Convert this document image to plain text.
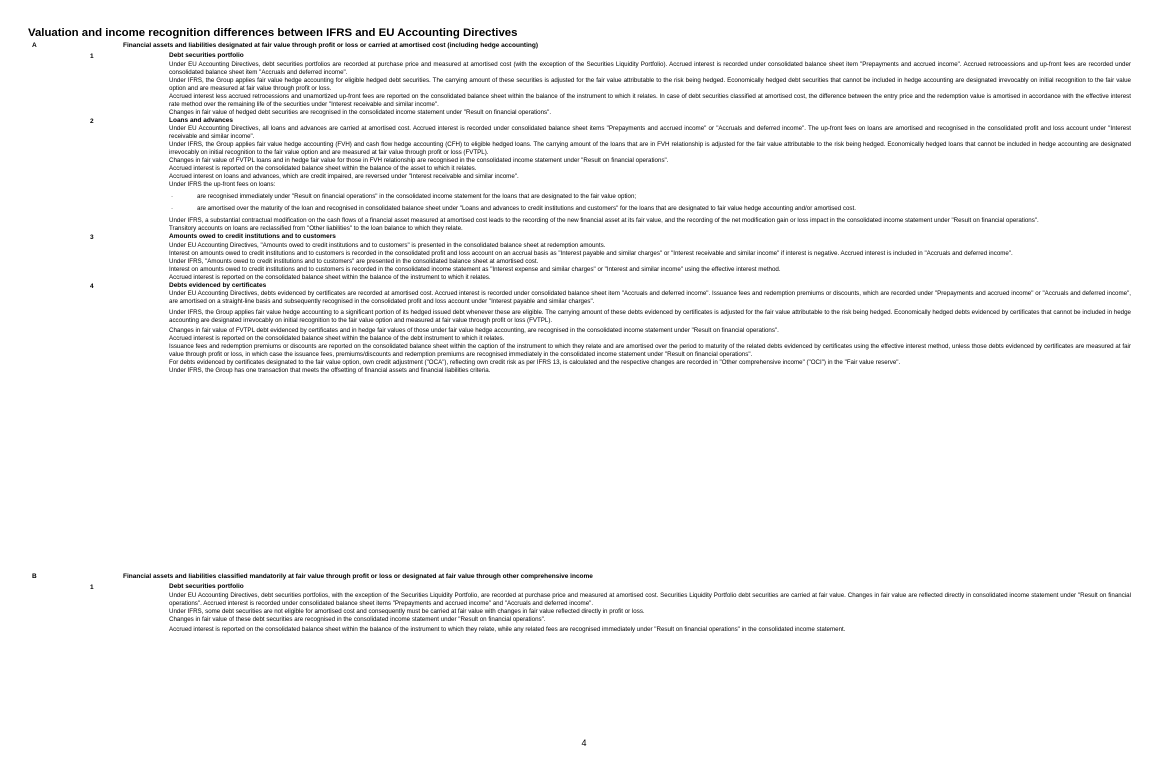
Valuation and income recognition differences between IFRS and EU Accounting Directives
A	Financial assets and liabilities designated at fair value through profit or loss or carried at amortised cost (including hedge accounting)
1	Debt securities portfolio
Under EU Accounting Directives, debt securities portfolios are recorded at purchase price and measured at amortised cost (with the exception of the Securities Liquidity Portfolio). Accrued interest is recorded under consolidated balance sheet item "Prepayments and accrued income". Accrued retrocessions and up-front fees are recorded under consolidated balance sheet item "Accruals and deferred income".
Under IFRS, the Group applies fair value hedge accounting for eligible hedged debt securities. The carrying amount of these securities is adjusted for the fair value attributable to the risk being hedged. Economically hedged debt securities that cannot be included in hedge accounting are designated irrevocably on initial recognition to the fair value option and are measured at fair value through profit or loss.
Accrued interest less accrued retrocessions and unamortized up-front fees are reported on the consolidated balance sheet within the balance of the instrument to which it relates. In case of debt securities classified at amortised cost, the difference between the entry price and the redemption value is amortised in accordance with the effective interest rate method over the remaining life of the securities under "Interest receivable and similar income".
Changes in fair value of hedged debt securities are recognised in the consolidated income statement under "Result on financial operations".
2	Loans and advances
Under EU Accounting Directives, all loans and advances are carried at amortised cost. Accrued interest is recorded under consolidated balance sheet items "Prepayments and accrued income" or "Accruals and deferred income". The up-front fees on loans are amortised and recognised in the consolidated profit and loss account under "Interest receivable and similar income".
Under IFRS, the Group applies fair value hedge accounting (FVH) and cash flow hedge accounting (CFH) to eligible hedged loans. The carrying amount of the loans that are in FVH relationship is adjusted for the fair value attributable to the risk being hedged. Economically hedged loans that cannot be included in hedge accounting are designated irrevocably on initial recognition to the fair value option and are measured at fair value through profit or loss (FVTPL).
Changes in fair value of FVTPL loans and in hedge fair value for those in FVH relationship are recognised in the consolidated income statement under "Result on financial operations".
Accrued interest is reported on the consolidated balance sheet within the balance of the asset to which it relates.
Accrued interest on loans and advances, which are credit impaired, are reversed under "Interest receivable and similar income".
Under IFRS the up-front fees on loans:
·	are recognised immediately under "Result on financial operations" in the consolidated income statement for the loans that are designated to the fair value option;
·	are amortised over the maturity of the loan and recognised in consolidated balance sheet under "Loans and advances to credit institutions and customers" for the loans that are designated to fair value hedge accounting and/or amortised cost.
Under IFRS, a substantial contractual modification on the cash flows of a financial asset measured at amortised cost leads to the recording of the new financial asset at its fair value, and the recording of the net modification gain or loss impact in the consolidated income statement under "Result on financial operations".
Transitory accounts on loans are reclassified from "Other liabilities" to the loan balance to which they relate.
3	Amounts owed to credit institutions and to customers
Under EU Accounting Directives, "Amounts owed to credit institutions and to customers" is presented in the consolidated balance sheet at redemption amounts.
Interest on amounts owed to credit institutions and to customers is recorded in the consolidated profit and loss account on an accrual basis as "Interest payable and similar charges" or "Interest receivable and similar income" if interest is negative. Accrued interest is included in "Accruals and deferred income".
Under IFRS, "Amounts owed to credit institutions and to customers" are presented in the consolidated balance sheet at amortised cost.
Interest on amounts owed to credit institutions and to customers is recorded in the consolidated income statement as "Interest expense and similar charges" or "Interest and similar income" using the effective interest method.
Accrued interest is reported on the consolidated balance sheet within the balance of the instrument to which it relates.
4	Debts evidenced by certificates
Under EU Accounting Directives, debts evidenced by certificates are recorded at amortised cost. Accrued interest is recorded under consolidated balance sheet item "Accruals and deferred income". Issuance fees and redemption premiums or discounts, which are recorded under "Prepayments and accrued income" or "Accruals and deferred income", are amortised on a straight-line basis and subsequently recognised in the consolidated profit and loss account under "Interest payable and similar charges".
Under IFRS, the Group applies fair value hedge accounting to a significant portion of its hedged issued debt whenever these are eligible. The carrying amount of these debts evidenced by certificates is adjusted for the fair value attributable to the risk being hedged. Economically hedged debts evidenced by certificates that cannot be included in hedge accounting are designated irrevocably on initial recognition to the fair value option and measured at fair value through profit or loss (FVTPL).
Changes in fair value of FVTPL debt evidenced by certificates and in hedge fair values of those under fair value hedge accounting, are recognised in the consolidated income statement under "Result on financial operations".
Accrued interest is reported on the consolidated balance sheet within the balance of the debt instrument to which it relates.
Issuance fees and redemption premiums or discounts are reported on the consolidated balance sheet within the caption of the instrument to which they relate and are amortised over the period to maturity of the related debts evidenced by certificates using the effective interest method, unless those debts evidenced by certificates are measured at fair value through profit or loss, in which case the issuance fees, premiums/discounts and redemption premiums are recognised immediately in the consolidated income statement under "Result on financial operations".
For debts evidenced by certificates designated to the fair value option, own credit adjustment ("OCA"), reflecting own credit risk as per IFRS 13, is calculated and the respective changes are recorded in "Other comprehensive income" ("OCI") in the "Fair value reserve".
Under IFRS, the Group has one transaction that meets the offsetting of financial assets and financial liabilities criteria.
B	Financial assets and liabilities classified mandatorily at fair value through profit or loss or designated at fair value through other comprehensive income
1	Debt securities portfolio
Under EU Accounting Directives, debt securities portfolios, with the exception of the Securities Liquidity Portfolio, are recorded at purchase price and measured at amortised cost. Securities Liquidity Portfolio debt securities are carried at fair value. Changes in fair value are reflected directly in consolidated income statement under "Result on financial operations". Accrued interest is recorded under consolidated balance sheet items "Prepayments and accrued income" and "Accruals and deferred income".
Under IFRS, some debt securities are not eligible for amortised cost and consequently must be carried at fair value with changes in fair value reflected directly in profit or loss.
Changes in fair value of these debt securities are recognised in the consolidated income statement under "Result on financial operations".
Accrued interest is reported on the consolidated balance sheet within the balance of the instrument to which they relate, while any related fees are recognised immediately under "Result on financial operations" in the consolidated income statement.
4
